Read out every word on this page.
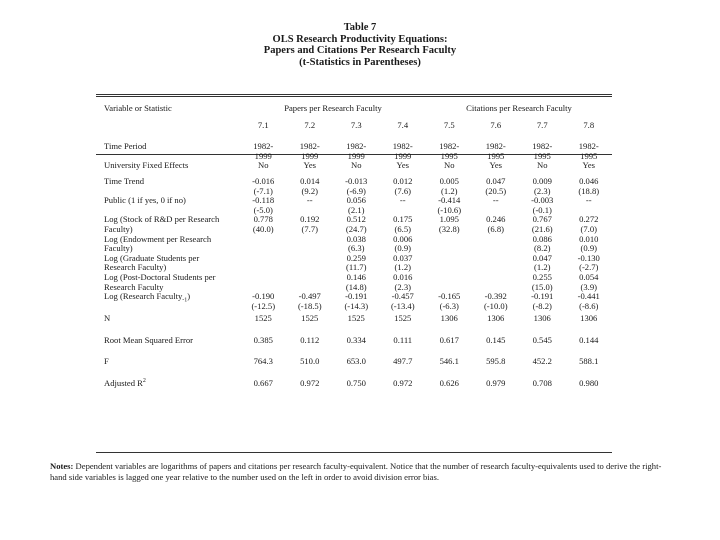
Table 7
OLS Research Productivity Equations:
Papers and Citations Per Research Faculty
(t-Statistics in Parentheses)
Variable or Statistic	Papers per Research Faculty				Citations per Research Faculty			
	7.1	7.2	7.3	7.4	7.5	7.6	7.7	7.8
Time Period	1982-	1982-	1982-	1982-	1982-	1982-	1982-	1982-
	1999	1999	1999	1999	1995	1995	1995	1995
University Fixed Effects	No	Yes	No	Yes	No	Yes	No	Yes

Time Trend	-0.016	0.014	-0.013	0.012	0.005	0.047	0.009	0.046
	(-7.1)	(9.2)	(-6.9)	(7.6)	(1.2)	(20.5)	(2.3)	(18.8)
Public (1 if yes, 0 if no)	-0.118	--	0.056	--	-0.414	--	-0.003	--
	(-5.0)		(2.1)		(-10.6)		(-0.1)	
Log (Stock of R&D per Research	0.778	0.192	0.512	0.175	1.095	0.246	0.767	0.272
Faculty)	(40.0)	(7.7)	(24.7)	(6.5)	(32.8)	(6.8)	(21.6)	(7.0)
Log (Endowment per Research			0.038	0.006			0.086	0.010
Faculty)			(6.3)	(0.9)			(8.2)	(0.9)
Log (Graduate Students per			0.259	0.037			0.047	-0.130
Research Faculty)			(11.7)	(1.2)			(1.2)	(-2.7)
Log (Post-Doctoral Students per			0.146	0.016			0.255	0.054
Research Faculty			(14.8)	(2.3)			(15.0)	(3.9)
Log (Research Faculty$_{-1}$)	-0.190	-0.497	-0.191	-0.457	-0.165	-0.392	-0.191	-0.441
	(-12.5)	(-18.5)	(-14.3)	(-13.4)	(-6.3)	(-10.0)	(-8.2)	(-8.6)

N	1525	1525	1525	1525	1306	1306	1306	1306

Root Mean Squared Error	0.385	0.112	0.334	0.111	0.617	0.145	0.545	0.144

F	764.3	510.0	653.0	497.7	546.1	595.8	452.2	588.1

Adjusted $R^2$	0.667	0.972	0.750	0.972	0.626	0.979	0.708	0.980
Notes: Dependent variables are logarithms of papers and citations per research faculty-equivalent. Notice that the number of research faculty-equivalents used to derive the right-hand side variables is lagged one year relative to the number used on the left in order to avoid division error bias.
